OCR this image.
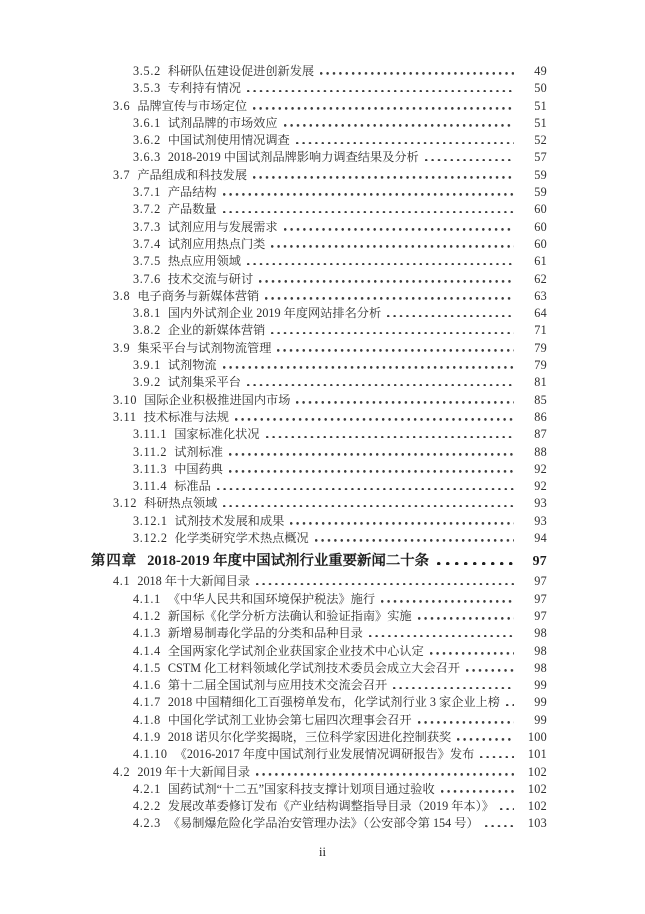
3.5.2 科研队伍建设促进创新发展	49
3.5.3 专利持有情况	50
3.6 品牌宣传与市场定位	51
3.6.1 试剂品牌的市场效应	51
3.6.2 中国试剂使用情况调查	52
3.6.3 2018-2019 中国试剂品牌影响力调查结果及分析	57
3.7 产品组成和科技发展	59
3.7.1 产品结构	59
3.7.2 产品数量	60
3.7.3 试剂应用与发展需求	60
3.7.4 试剂应用热点门类	60
3.7.5 热点应用领域	61
3.7.6 技术交流与研讨	62
3.8 电子商务与新媒体营销	63
3.8.1 国内外试剂企业 2019 年度网站排名分析	64
3.8.2 企业的新媒体营销	71
3.9 集采平台与试剂物流管理	79
3.9.1 试剂物流	79
3.9.2 试剂集采平台	81
3.10 国际企业积极推进国内市场	85
3.11 技术标准与法规	86
3.11.1 国家标准化状况	87
3.11.2 试剂标准	88
3.11.3 中国药典	92
3.11.4 标准品	92
3.12 科研热点领域	93
3.12.1 试剂技术发展和成果	93
3.12.2 化学类研究学术热点概况	94
第四章 2018-2019 年度中国试剂行业重要新闻二十条	97
4.1 2018 年十大新闻目录	97
4.1.1 《中华人民共和国环境保护税法》施行	97
4.1.2 新国标《化学分析方法确认和验证指南》实施	97
4.1.3 新增易制毒化学品的分类和品种目录	98
4.1.4 全国两家化学试剂企业获国家企业技术中心认定	98
4.1.5 CSTM 化工材料领域化学试剂技术委员会成立大会召开	98
4.1.6 第十二届全国试剂与应用技术交流会召开	99
4.1.7 2018 中国精细化工百强榜单发布，化学试剂行业 3 家企业上榜	99
4.1.8 中国化学试剂工业协会第七届四次理事会召开	99
4.1.9 2018 诺贝尔化学奖揭晓，三位科学家因进化控制获奖	100
4.1.10 《2016-2017 年度中国试剂行业发展情况调研报告》发布	101
4.2 2019 年十大新闻目录	102
4.2.1 国药试剂“十二五”国家科技支撑计划项目通过验收	102
4.2.2 发展改革委修订发布《产业结构调整指导目录（2019 年本）》	102
4.2.3 《易制爆危险化学品治安管理办法》（公安部令第 154 号）	103
ii
